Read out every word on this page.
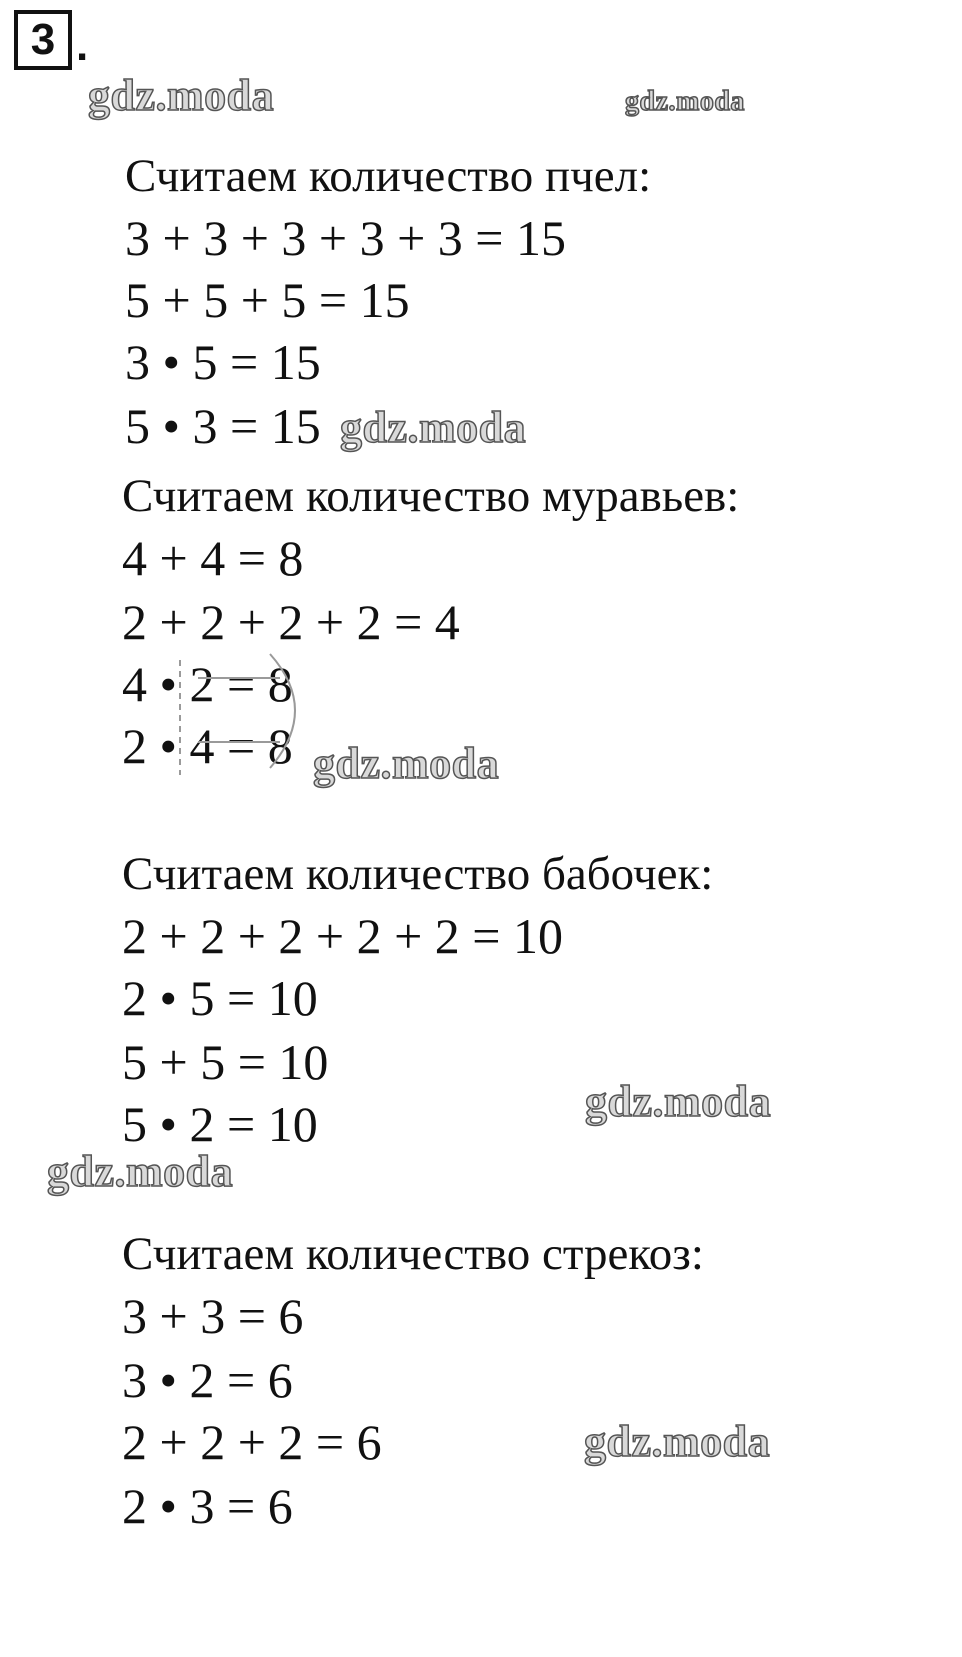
3 .
gdz.moda	gdz.moda
gdz.moda
gdz.moda
gdz.moda
gdz.moda
gdz.moda
Считаем количество пчел:
3 + 3 + 3 + 3 + 3 = 15
5 + 5 + 5 = 15
3 • 5 = 15
5 • 3 = 15
Считаем количество муравьев:
4 + 4 = 8
2 + 2 + 2 + 2 = 4
4 • 2 = 8
2 • 4 = 8
Считаем количество бабочек:
2 + 2 + 2 + 2 + 2 = 10
2 • 5 = 10
5 + 5 = 10
5 • 2 = 10
Считаем количество стрекоз:
3 + 3 = 6
3 • 2 = 6
2 + 2 + 2 = 6
2 • 3 = 6
